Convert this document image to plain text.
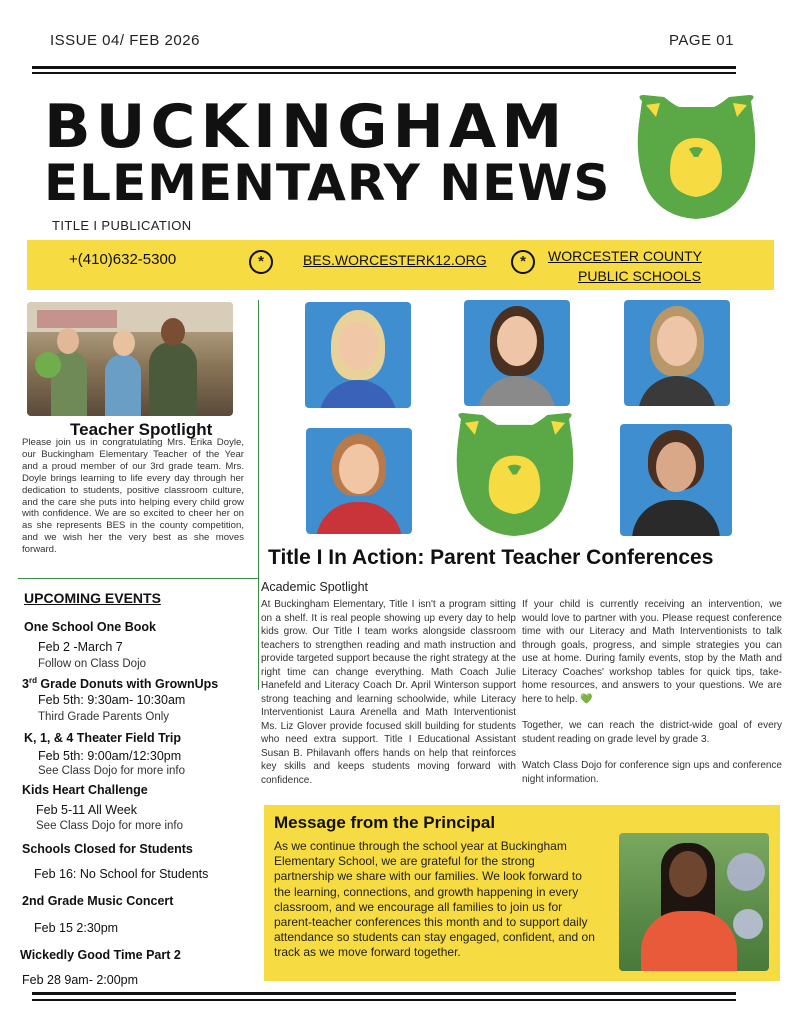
ISSUE 04/ FEB 2026	PAGE 01
BUCKINGHAM
ELEMENTARY NEWS
TITLE I PUBLICATION
+(410)632-5300	*	BES.WORCESTERK12.ORG	*	WORCESTER COUNTY
PUBLIC SCHOOLS
Teacher Spotlight
Please join us in congratulating Mrs. Erika Doyle, our Buckingham Elementary Teacher of the Year and a proud member of our 3rd grade team. Mrs. Doyle brings learning to life every day through her dedication to students, positive classroom culture, and the care she puts into helping every child grow with confidence. We are so excited to cheer her on as she represents BES in the county competition, and we wish her the very best as she moves forward.
UPCOMING EVENTS
One School One Book
Feb 2 -March 7
Follow on Class Dojo
3rd Grade Donuts with GrownUps
Feb 5th: 9:30am- 10:30am
Third Grade Parents Only
K, 1, & 4 Theater Field Trip
Feb 5th: 9:00am/12:30pm
See Class Dojo for more info
Kids Heart Challenge
Feb 5-11 All Week
See Class Dojo for more info
Schools Closed for Students
Feb 16: No School for Students
2nd Grade Music Concert
Feb 15 2:30pm
Wickedly Good Time Part 2
Feb 28 9am- 2:00pm
Title I In Action: Parent Teacher Conferences
Academic Spotlight
At Buckingham Elementary, Title I isn't a program sitting on a shelf. It is real people showing up every day to help kids grow. Our Title I team works alongside classroom teachers to strengthen reading and math instruction and provide targeted support because the right strategy at the right time can change everything. Math Coach Julie Hanefeld and Literacy Coach Dr. April Winterson support strong teaching and learning schoolwide, while Literacy Interventionist Laura Arenella and Math Interventionist Ms. Liz Glover provide focused skill building for students who need extra support. Title I Educational Assistant Susan B. Philavanh offers hands on help that reinforces key skills and keeps students moving forward with confidence.
If your child is currently receiving an intervention, we would love to partner with you. Please request conference time with our Literacy and Math Interventionists to talk through goals, progress, and simple strategies you can use at home. During family events, stop by the Math and Literacy Coaches' workshop tables for quick tips, take-home resources, and answers to your questions. We are here to help. 💚
Together, we can reach the district-wide goal of every student reading on grade level by grade 3.
Watch Class Dojo for conference sign ups and conference night information.
Message from the Principal
As we continue through the school year at Buckingham Elementary School, we are grateful for the strong partnership we share with our families. We look forward to the learning, connections, and growth happening in every classroom, and we encourage all families to join us for parent-teacher conferences this month and to support daily attendance so students can stay engaged, confident, and on track as we move forward together.
